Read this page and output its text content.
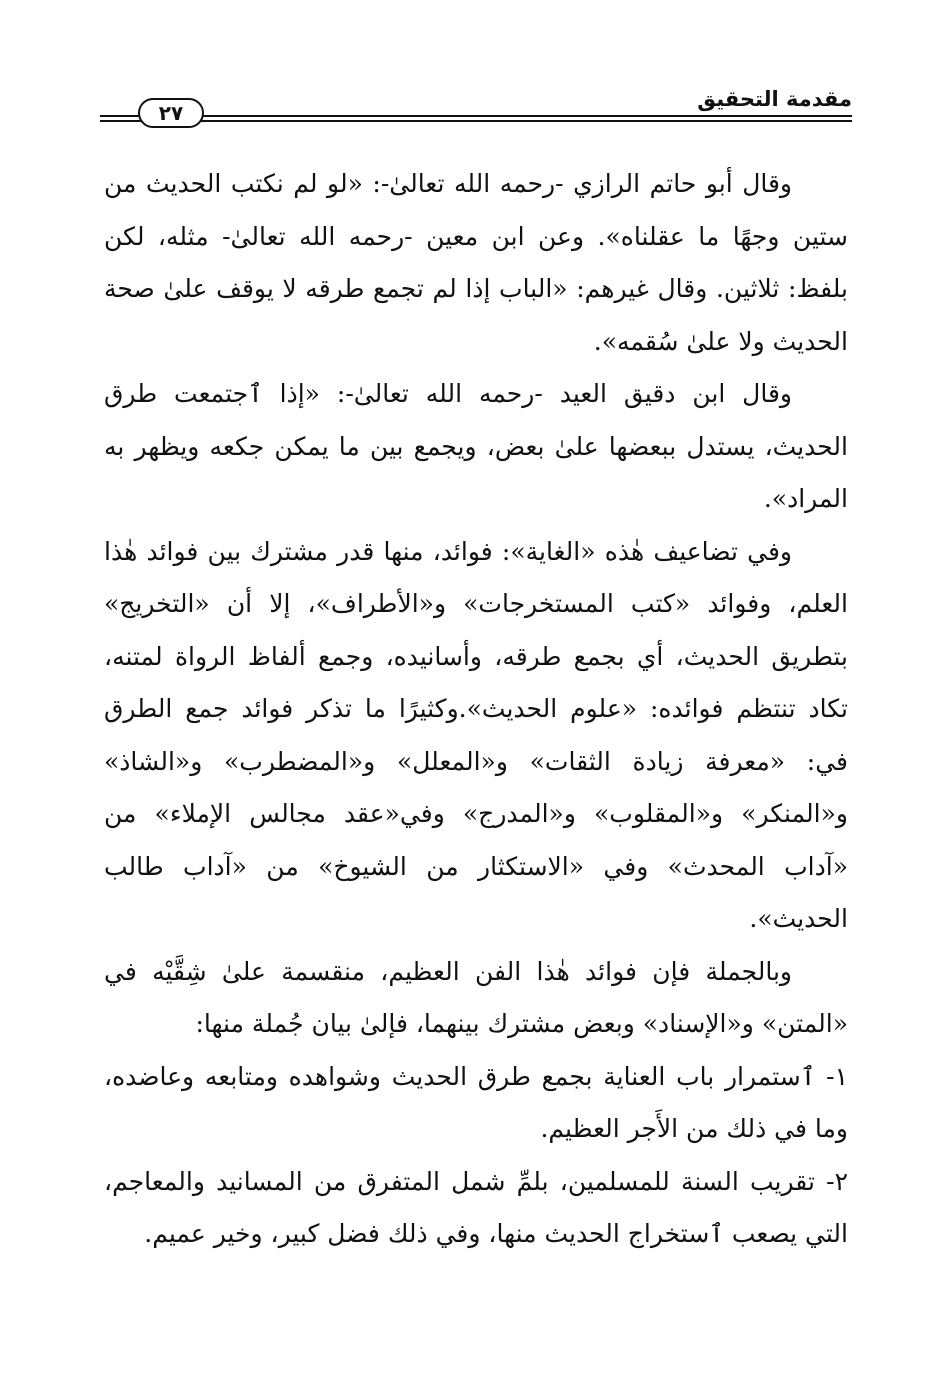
مقدمة التحقيق
٢٧

وقال أبو حاتم الرازي -رحمه الله تعالىٰ-: «لو لم نكتب الحديث من ستين وجهًا ما عقلناه». وعن ابن معين -رحمه الله تعالىٰ- مثله، لكن بلفظ: ثلاثين. وقال غيرهم: «الباب إذا لم تجمع طرقه لا يوقف علىٰ صحة الحديث ولا علىٰ سُقمه».

وقال ابن دقيق العيد -رحمه الله تعالىٰ-: «إذا ٱجتمعت طرق الحديث، يستدل ببعضها علىٰ بعض، ويجمع بين ما يمكن جكعه ويظهر به المراد».

وفي تضاعيف هٰذه «الغاية»: فوائد، منها قدر مشترك بين فوائد هٰذا العلم، وفوائد «كتب المستخرجات» و«الأطراف»، إلا أن «التخريج» بتطريق الحديث، أي بجمع طرقه، وأسانيده، وجمع ألفاظ الرواة لمتنه، تكاد تنتظم فوائده: «علوم الحديث».وكثيرًا ما تذكر فوائد جمع الطرق في: «معرفة زيادة الثقات» و«المعلل» و«المضطرب» و«الشاذ» و«المنكر» و«المقلوب» و«المدرج» وفي«عقد مجالس الإملاء» من «آداب المحدث» وفي «الاستكثار من الشيوخ» من «آداب طالب الحديث».

وبالجملة فإن فوائد هٰذا الفن العظيم، منقسمة علىٰ شِقَّيْه في «المتن» و«الإسناد» وبعض مشترك بينهما، فإلىٰ بيان جُملة منها:

١- ٱستمرار باب العناية بجمع طرق الحديث وشواهده ومتابعه وعاضده، وما في ذلك من الأَجر العظيم.

٢- تقريب السنة للمسلمين، بلمِّ شمل المتفرق من المسانيد والمعاجم، التي يصعب ٱستخراج الحديث منها، وفي ذلك فضل كبير، وخير عميم.
